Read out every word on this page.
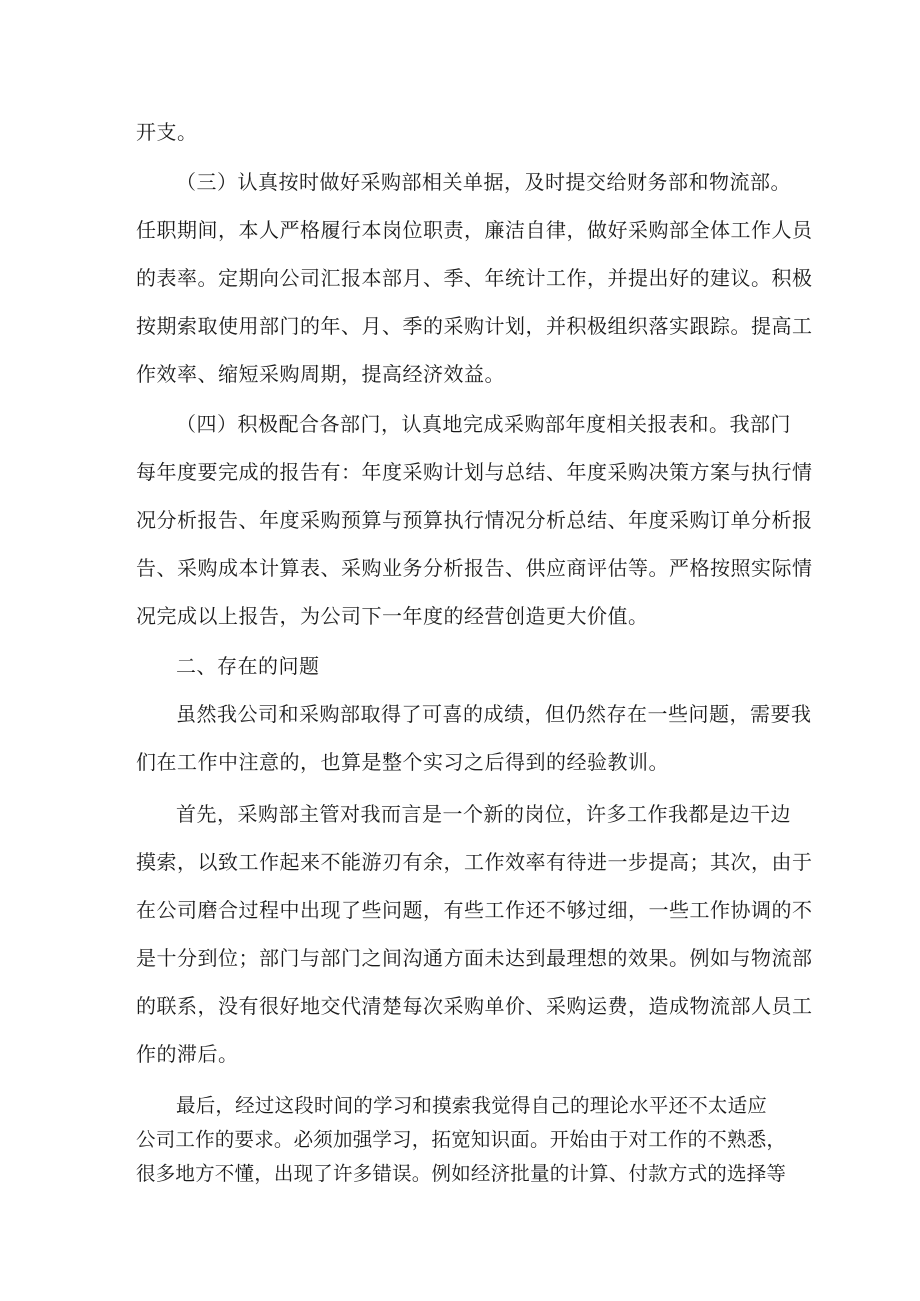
开支。
（三）认真按时做好采购部相关单据，及时提交给财务部和物流部。
任职期间，本人严格履行本岗位职责，廉洁自律，做好采购部全体工作人员
的表率。定期向公司汇报本部月、季、年统计工作，并提出好的建议。积极
按期索取使用部门的年、月、季的采购计划，并积极组织落实跟踪。提高工
作效率、缩短采购周期，提高经济效益。
（四）积极配合各部门，认真地完成采购部年度相关报表和。我部门
每年度要完成的报告有：年度采购计划与总结、年度采购决策方案与执行情
况分析报告、年度采购预算与预算执行情况分析总结、年度采购订单分析报
告、采购成本计算表、采购业务分析报告、供应商评估等。严格按照实际情
况完成以上报告，为公司下一年度的经营创造更大价值。
二、存在的问题
虽然我公司和采购部取得了可喜的成绩，但仍然存在一些问题，需要我
们在工作中注意的，也算是整个实习之后得到的经验教训。
首先，采购部主管对我而言是一个新的岗位，许多工作我都是边干边
摸索，以致工作起来不能游刃有余，工作效率有待进一步提高；其次，由于
在公司磨合过程中出现了些问题，有些工作还不够过细，一些工作协调的不
是十分到位；部门与部门之间沟通方面未达到最理想的效果。例如与物流部
的联系，没有很好地交代清楚每次采购单价、采购运费，造成物流部人员工
作的滞后。
最后，经过这段时间的学习和摸索我觉得自己的理论水平还不太适应
公司工作的要求。必须加强学习，拓宽知识面。开始由于对工作的不熟悉，
很多地方不懂，出现了许多错误。例如经济批量的计算、付款方式的选择等
